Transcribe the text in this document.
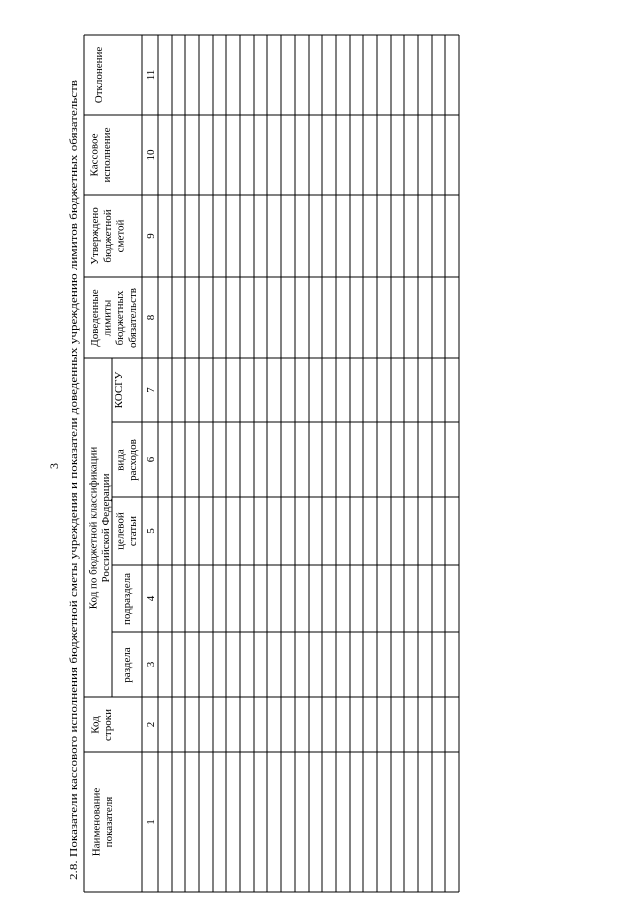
3 2.8. Показатели кассового исполнения бюджетной сметы учреждения и показатели доведенных учреждению лимитов бюджетных обязательств Наименование показателя
Код строки
Код по бюджетной классификации Российской Федерации
раздела
подраздела
целевой статьи
вида расходов
КОСГУ
Доведенные лимиты бюджетных обязательств
Утверждено бюджетной сметой
Кассовое исполнение
Отклонение
1
2
3
4
5
6
7
8
9
10
11
